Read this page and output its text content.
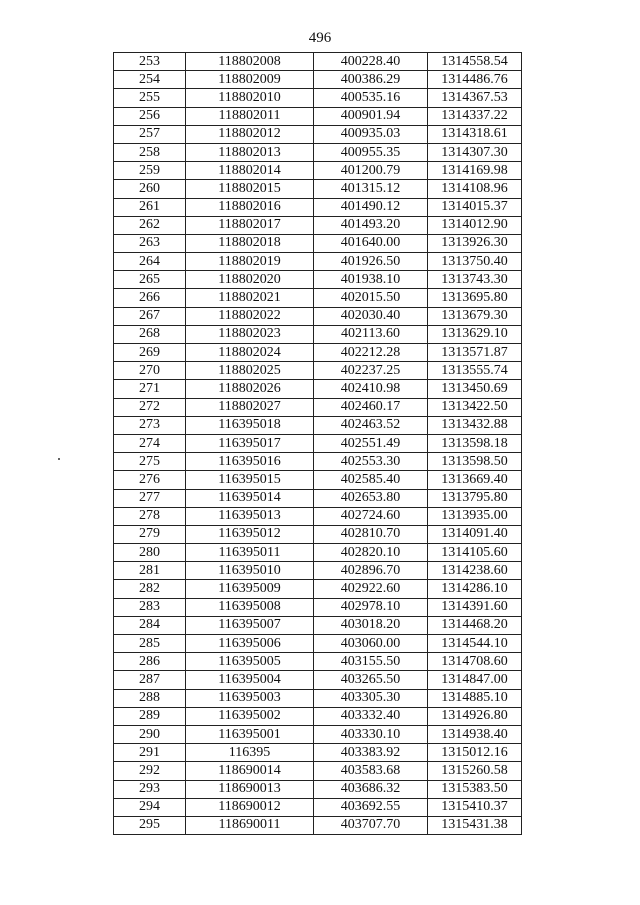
496
253	118802008	400228.40	1314558.54
254	118802009	400386.29	1314486.76
255	118802010	400535.16	1314367.53
256	118802011	400901.94	1314337.22
257	118802012	400935.03	1314318.61
258	118802013	400955.35	1314307.30
259	118802014	401200.79	1314169.98
260	118802015	401315.12	1314108.96
261	118802016	401490.12	1314015.37
262	118802017	401493.20	1314012.90
263	118802018	401640.00	1313926.30
264	118802019	401926.50	1313750.40
265	118802020	401938.10	1313743.30
266	118802021	402015.50	1313695.80
267	118802022	402030.40	1313679.30
268	118802023	402113.60	1313629.10
269	118802024	402212.28	1313571.87
270	118802025	402237.25	1313555.74
271	118802026	402410.98	1313450.69
272	118802027	402460.17	1313422.50
273	116395018	402463.52	1313432.88
274	116395017	402551.49	1313598.18
275	116395016	402553.30	1313598.50
276	116395015	402585.40	1313669.40
277	116395014	402653.80	1313795.80
278	116395013	402724.60	1313935.00
279	116395012	402810.70	1314091.40
280	116395011	402820.10	1314105.60
281	116395010	402896.70	1314238.60
282	116395009	402922.60	1314286.10
283	116395008	402978.10	1314391.60
284	116395007	403018.20	1314468.20
285	116395006	403060.00	1314544.10
286	116395005	403155.50	1314708.60
287	116395004	403265.50	1314847.00
288	116395003	403305.30	1314885.10
289	116395002	403332.40	1314926.80
290	116395001	403330.10	1314938.40
291	116395	403383.92	1315012.16
292	118690014	403583.68	1315260.58
293	118690013	403686.32	1315383.50
294	118690012	403692.55	1315410.37
295	118690011	403707.70	1315431.38
